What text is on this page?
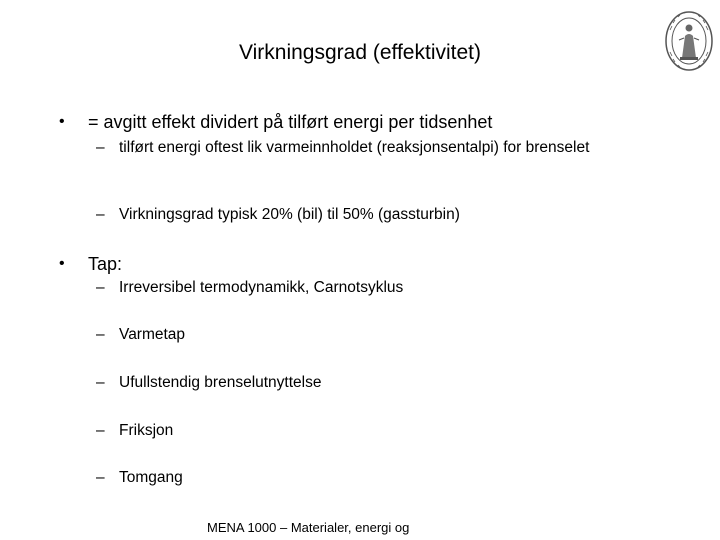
Virkningsgrad (effektivitet)
• = avgitt effekt dividert på tilført energi per tidsenhet
– tilført energi oftest lik varmeinnholdet (reaksjonsentalpi) for brenselet
– Virkningsgrad typisk 20% (bil) til 50% (gassturbin)
• Tap:
– Irreversibel termodynamikk, Carnotsyklus
– Varmetap
– Ufullstendig brenselutnyttelse
– Friksjon
– Tomgang
MENA 1000 – Materialer, energi og
